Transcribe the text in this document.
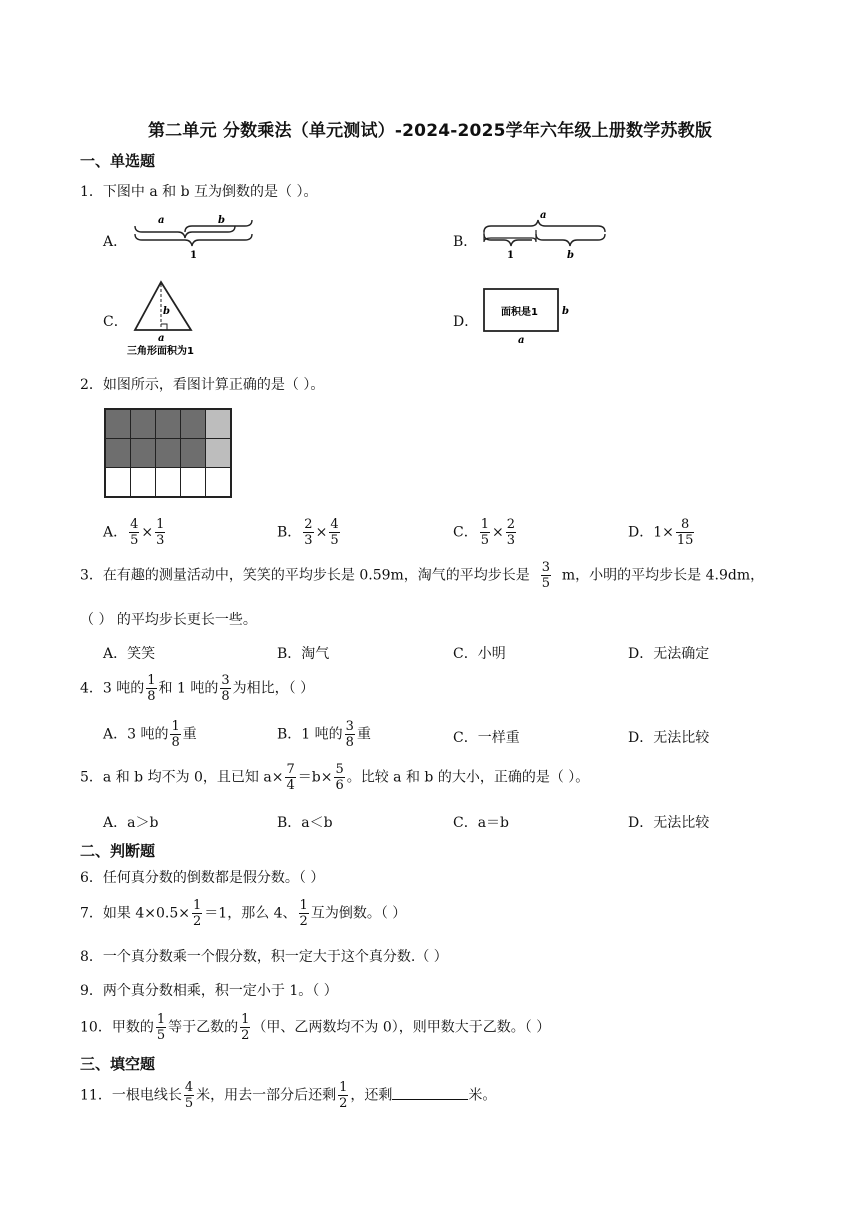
第二单元 分数乘法（单元测试）-2024-2025学年六年级上册数学苏教版
一、单选题
1．下图中 a 和 b 互为倒数的是（ ）。
A．
a	b
1
B．
a
1	b
C．
b
a
三角形面积为1
D．
面积是1 b
a
2．如图所示，看图计算正确的是（ ）。

A． $\frac{4}{5} \times \frac{1}{3}$	B． $\frac{2}{3} \times \frac{4}{5}$	C． $\frac{1}{5} \times \frac{2}{3}$	D．$1\times \frac{8}{15}$
3．在有趣的测量活动中，笑笑的平均步长是 0.59m，淘气的平均步长是 $\frac{3}{5}$ m，小明的平均步长是 4.9dm，
（ ） 的平均步长更长一些。
A．笑笑	B．淘气	C．小明	D．无法确定
4．3 吨的 $\frac{1}{8}$ 和 1 吨的 $\frac{3}{8}$ 为相比，（ ）
A．3 吨的 $\frac{1}{8}$ 重	B．1 吨的 $\frac{3}{8}$ 重	C．一样重	D．无法比较
5．a 和 b 均不为 0，且已知 $a\times \frac{7}{4} =b\times \frac{5}{6}$ 。比较 a 和 b 的大小，正确的是（ ）。
A．a＞b	B．a＜b	C．a＝b	D．无法比较
二、判断题
6．任何真分数的倒数都是假分数。（ ）
7．如果 $4\times 0.5\times \frac{1}{2} =1$，那么 4、 $\frac{1}{2}$ 互为倒数。（ ）
8．一个真分数乘一个假分数，积一定大于这个真分数.（ ）
9．两个真分数相乘，积一定小于 1。（ ）
10．甲数的 $\frac{1}{5}$ 等于乙数的 $\frac{1}{2}$ （甲、乙两数均不为 0），则甲数大于乙数。（ ）
三、填空题
11．一根电线长 $\frac{4}{5}$ 米，用去一部分后还剩 $\frac{1}{2}$ ，还剩	米。
